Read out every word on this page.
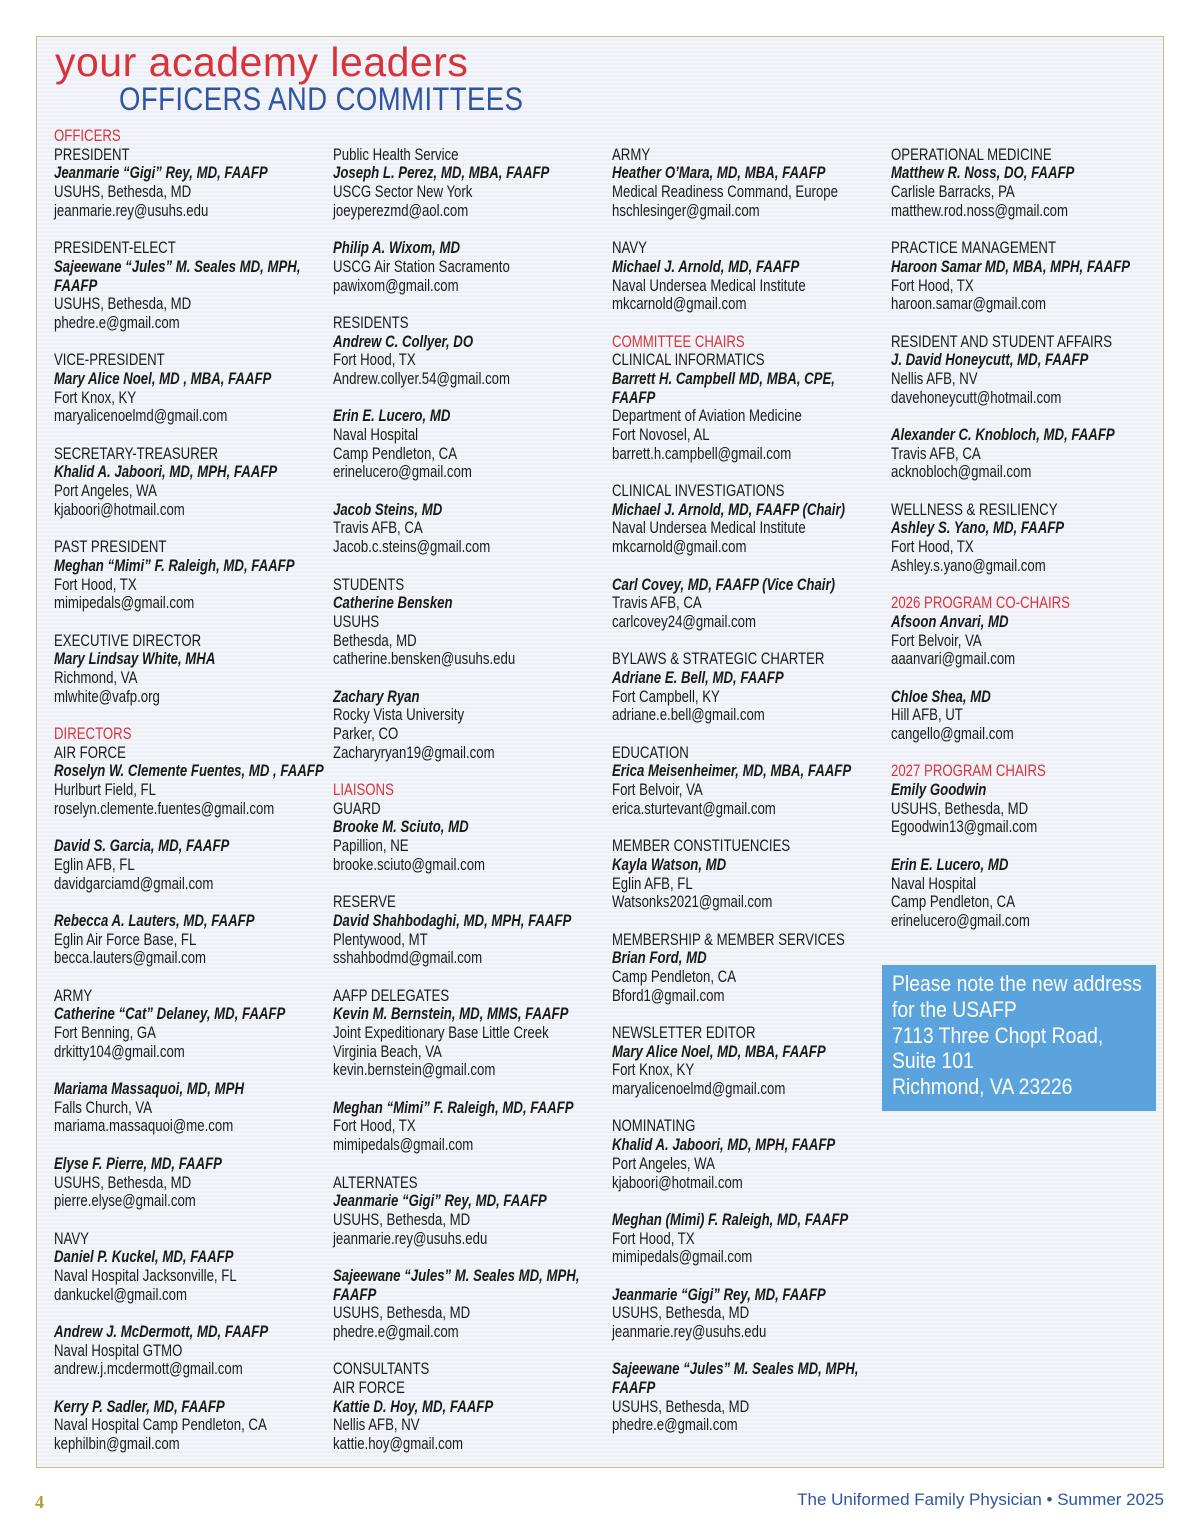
your academy leaders
OFFICERS AND COMMITTEES
OFFICERS
PRESIDENT
Jeanmarie “Gigi” Rey, MD, FAAFP
USUHS, Bethesda, MD
jeanmarie.rey@usuhs.edu
PRESIDENT-ELECT
Sajeewane “Jules” M. Seales MD, MPH,
FAAFP
USUHS, Bethesda, MD
phedre.e@gmail.com
VICE-PRESIDENT
Mary Alice Noel, MD , MBA, FAAFP
Fort Knox, KY
maryalicenoelmd@gmail.com
SECRETARY-TREASURER
Khalid A. Jaboori, MD, MPH, FAAFP
Port Angeles, WA
kjaboori@hotmail.com
PAST PRESIDENT
Meghan “Mimi” F. Raleigh, MD, FAAFP
Fort Hood, TX
mimipedals@gmail.com
EXECUTIVE DIRECTOR
Mary Lindsay White, MHA
Richmond, VA
mlwhite@vafp.org
DIRECTORS
AIR FORCE
Roselyn W. Clemente Fuentes, MD , FAAFP
Hurlburt Field, FL
roselyn.clemente.fuentes@gmail.com
David S. Garcia, MD, FAAFP
Eglin AFB, FL
davidgarciamd@gmail.com
Rebecca A. Lauters, MD, FAAFP
Eglin Air Force Base, FL
becca.lauters@gmail.com
ARMY
Catherine “Cat” Delaney, MD, FAAFP
Fort Benning, GA
drkitty104@gmail.com
Mariama Massaquoi, MD, MPH
Falls Church, VA
mariama.massaquoi@me.com
Elyse F. Pierre, MD, FAAFP
USUHS, Bethesda, MD
pierre.elyse@gmail.com
NAVY
Daniel P. Kuckel, MD, FAAFP
Naval Hospital Jacksonville, FL
dankuckel@gmail.com
Andrew J. McDermott, MD, FAAFP
Naval Hospital GTMO
andrew.j.mcdermott@gmail.com
Kerry P. Sadler, MD, FAAFP
Naval Hospital Camp Pendleton, CA
kephilbin@gmail.com
Public Health Service
Joseph L. Perez, MD, MBA, FAAFP
USCG Sector New York
joeyperezmd@aol.com
Philip A. Wixom, MD
USCG Air Station Sacramento
pawixom@gmail.com
RESIDENTS
Andrew C. Collyer, DO
Fort Hood, TX
Andrew.collyer.54@gmail.com
Erin E. Lucero, MD
Naval Hospital
Camp Pendleton, CA
erinelucero@gmail.com
Jacob Steins, MD
Travis AFB, CA
Jacob.c.steins@gmail.com
STUDENTS
Catherine Bensken
USUHS
Bethesda, MD
catherine.bensken@usuhs.edu
Zachary Ryan
Rocky Vista University
Parker, CO
Zacharyryan19@gmail.com
LIAISONS
GUARD
Brooke M. Sciuto, MD
Papillion, NE
brooke.sciuto@gmail.com
RESERVE
David Shahbodaghi, MD, MPH, FAAFP
Plentywood, MT
sshahbodmd@gmail.com
AAFP DELEGATES
Kevin M. Bernstein, MD, MMS, FAAFP
Joint Expeditionary Base Little Creek
Virginia Beach, VA
kevin.bernstein@gmail.com
Meghan “Mimi” F. Raleigh, MD, FAAFP
Fort Hood, TX
mimipedals@gmail.com
ALTERNATES
Jeanmarie “Gigi” Rey, MD, FAAFP
USUHS, Bethesda, MD
jeanmarie.rey@usuhs.edu
Sajeewane “Jules” M. Seales MD, MPH,
FAAFP
USUHS, Bethesda, MD
phedre.e@gmail.com
CONSULTANTS
AIR FORCE
Kattie D. Hoy, MD, FAAFP
Nellis AFB, NV
kattie.hoy@gmail.com
ARMY
Heather O’Mara, MD, MBA, FAAFP
Medical Readiness Command, Europe
hschlesinger@gmail.com
NAVY
Michael J. Arnold, MD, FAAFP
Naval Undersea Medical Institute
mkcarnold@gmail.com
COMMITTEE CHAIRS
CLINICAL INFORMATICS
Barrett H. Campbell MD, MBA, CPE,
FAAFP
Department of Aviation Medicine
Fort Novosel, AL
barrett.h.campbell@gmail.com
CLINICAL INVESTIGATIONS
Michael J. Arnold, MD, FAAFP (Chair)
Naval Undersea Medical Institute
mkcarnold@gmail.com
Carl Covey, MD, FAAFP (Vice Chair)
Travis AFB, CA
carlcovey24@gmail.com
BYLAWS & STRATEGIC CHARTER
Adriane E. Bell, MD, FAAFP
Fort Campbell, KY
adriane.e.bell@gmail.com
EDUCATION
Erica Meisenheimer, MD, MBA, FAAFP
Fort Belvoir, VA
erica.sturtevant@gmail.com
MEMBER CONSTITUENCIES
Kayla Watson, MD
Eglin AFB, FL
Watsonks2021@gmail.com
MEMBERSHIP & MEMBER SERVICES
Brian Ford, MD
Camp Pendleton, CA
Bford1@gmail.com
NEWSLETTER EDITOR
Mary Alice Noel, MD, MBA, FAAFP
Fort Knox, KY
maryalicenoelmd@gmail.com
NOMINATING
Khalid A. Jaboori, MD, MPH, FAAFP
Port Angeles, WA
kjaboori@hotmail.com
Meghan (Mimi) F. Raleigh, MD, FAAFP
Fort Hood, TX
mimipedals@gmail.com
Jeanmarie “Gigi” Rey, MD, FAAFP
USUHS, Bethesda, MD
jeanmarie.rey@usuhs.edu
Sajeewane “Jules” M. Seales MD, MPH,
FAAFP
USUHS, Bethesda, MD
phedre.e@gmail.com
OPERATIONAL MEDICINE
Matthew R. Noss, DO, FAAFP
Carlisle Barracks, PA
matthew.rod.noss@gmail.com
PRACTICE MANAGEMENT
Haroon Samar MD, MBA, MPH, FAAFP
Fort Hood, TX
haroon.samar@gmail.com
RESIDENT AND STUDENT AFFAIRS
J. David Honeycutt, MD, FAAFP
Nellis AFB, NV
davehoneycutt@hotmail.com
Alexander C. Knobloch, MD, FAAFP
Travis AFB, CA
acknobloch@gmail.com
WELLNESS & RESILIENCY
Ashley S. Yano, MD, FAAFP
Fort Hood, TX
Ashley.s.yano@gmail.com
2026 PROGRAM CO-CHAIRS
Afsoon Anvari, MD
Fort Belvoir, VA
aaanvari@gmail.com
Chloe Shea, MD
Hill AFB, UT
cangello@gmail.com
2027 PROGRAM CHAIRS
Emily Goodwin
USUHS, Bethesda, MD
Egoodwin13@gmail.com
Erin E. Lucero, MD
Naval Hospital
Camp Pendleton, CA
erinelucero@gmail.com
Please note the new address
for the USAFP
7113 Three Chopt Road,
Suite 101
Richmond, VA 23226
4	The Uniformed Family Physician • Summer 2025
